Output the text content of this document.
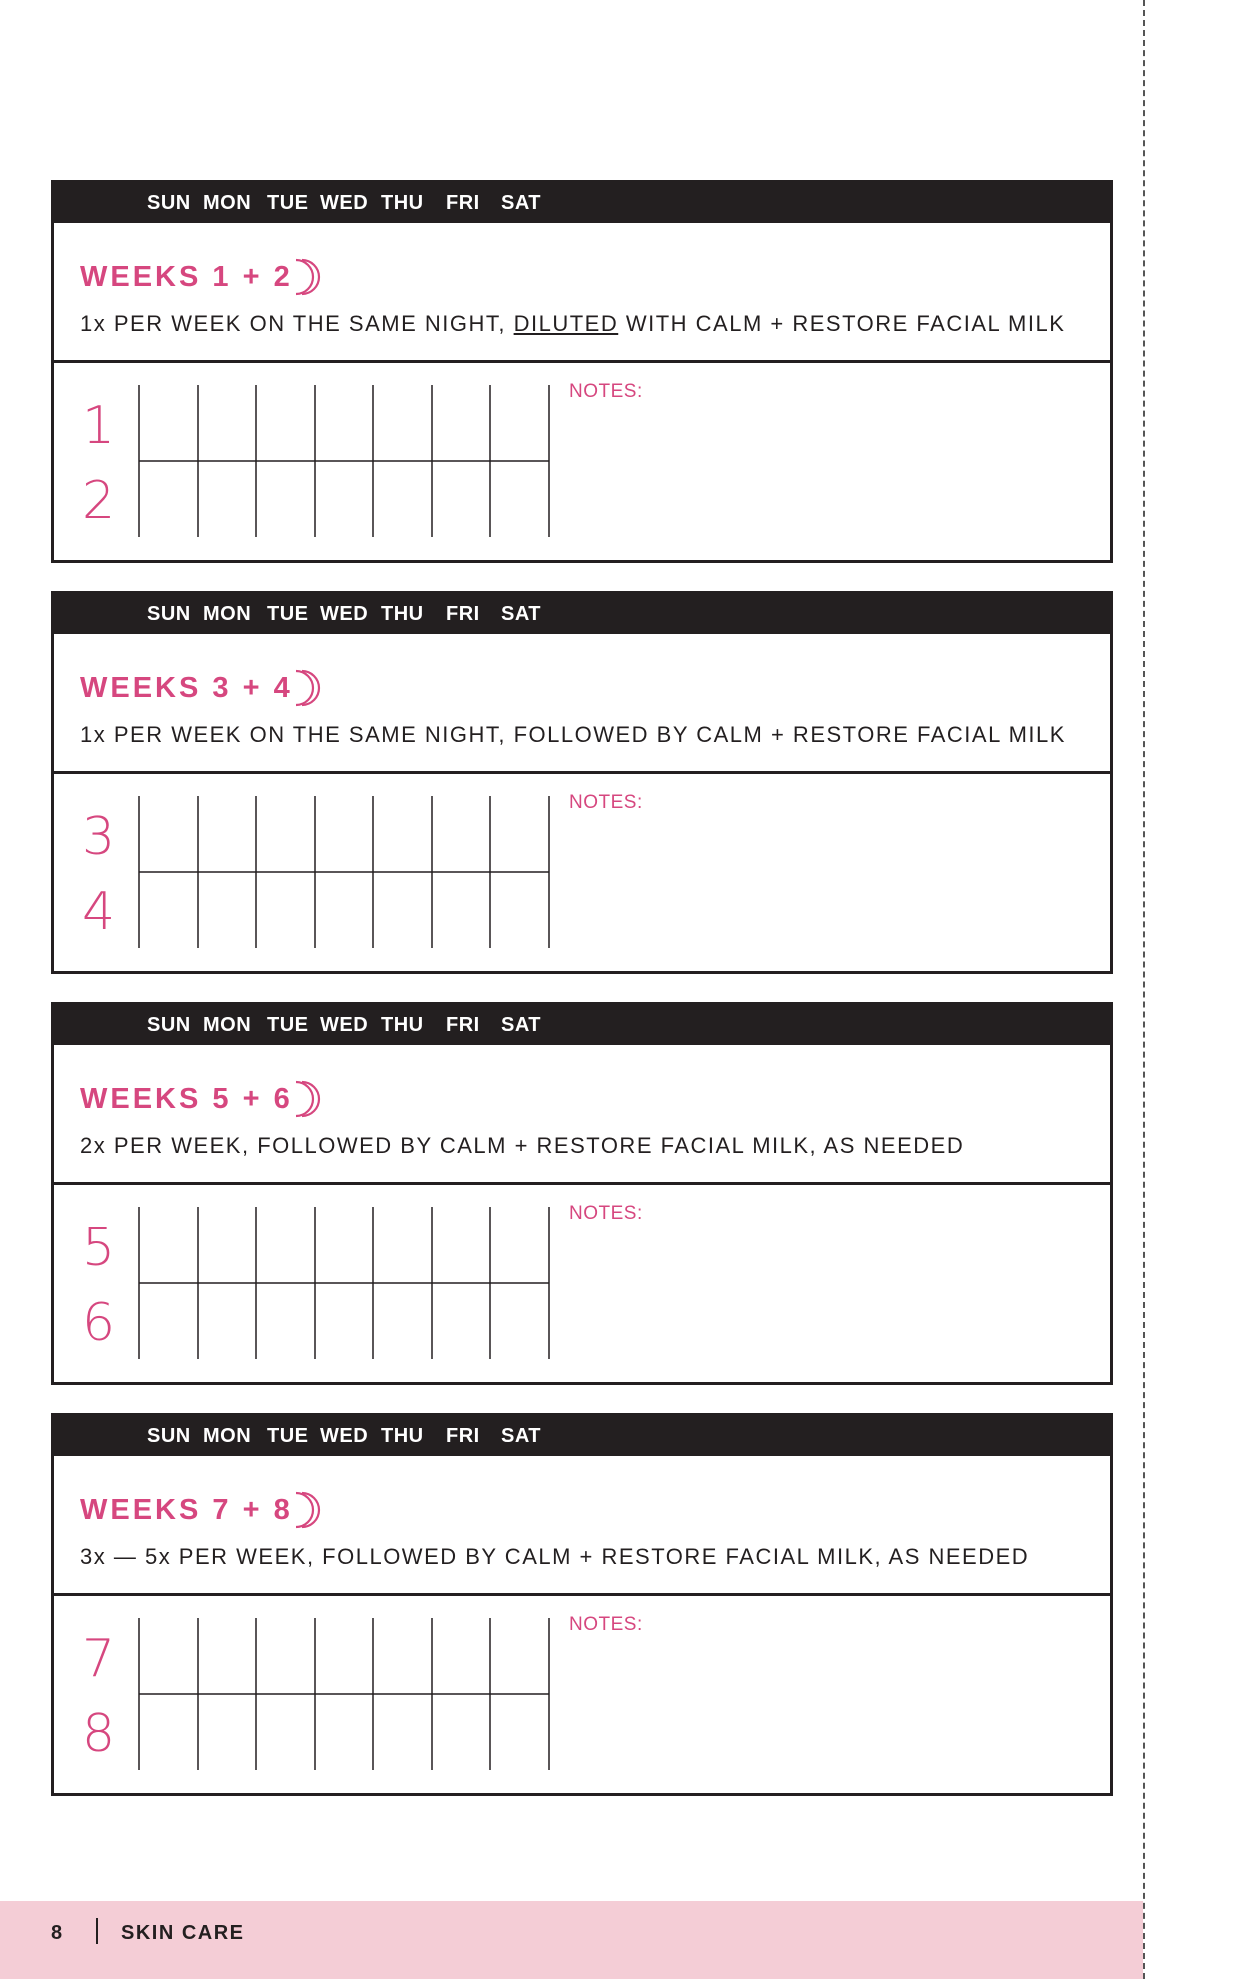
SUN MON TUE WED THU FRI SAT
WEEKS 1 + 2
1x PER WEEK ON THE SAME NIGHT, DILUTED WITH CALM + RESTORE FACIAL MILK
1
2
NOTES:
SUN MON TUE WED THU FRI SAT
WEEKS 3 + 4
1x PER WEEK ON THE SAME NIGHT, FOLLOWED BY CALM + RESTORE FACIAL MILK
3
4
NOTES:
SUN MON TUE WED THU FRI SAT
WEEKS 5 + 6
2x PER WEEK, FOLLOWED BY CALM + RESTORE FACIAL MILK, AS NEEDED
5
6
NOTES:
SUN MON TUE WED THU FRI SAT
WEEKS 7 + 8
3x — 5x PER WEEK, FOLLOWED BY CALM + RESTORE FACIAL MILK, AS NEEDED
7
8
NOTES:
8	SKIN CARE
